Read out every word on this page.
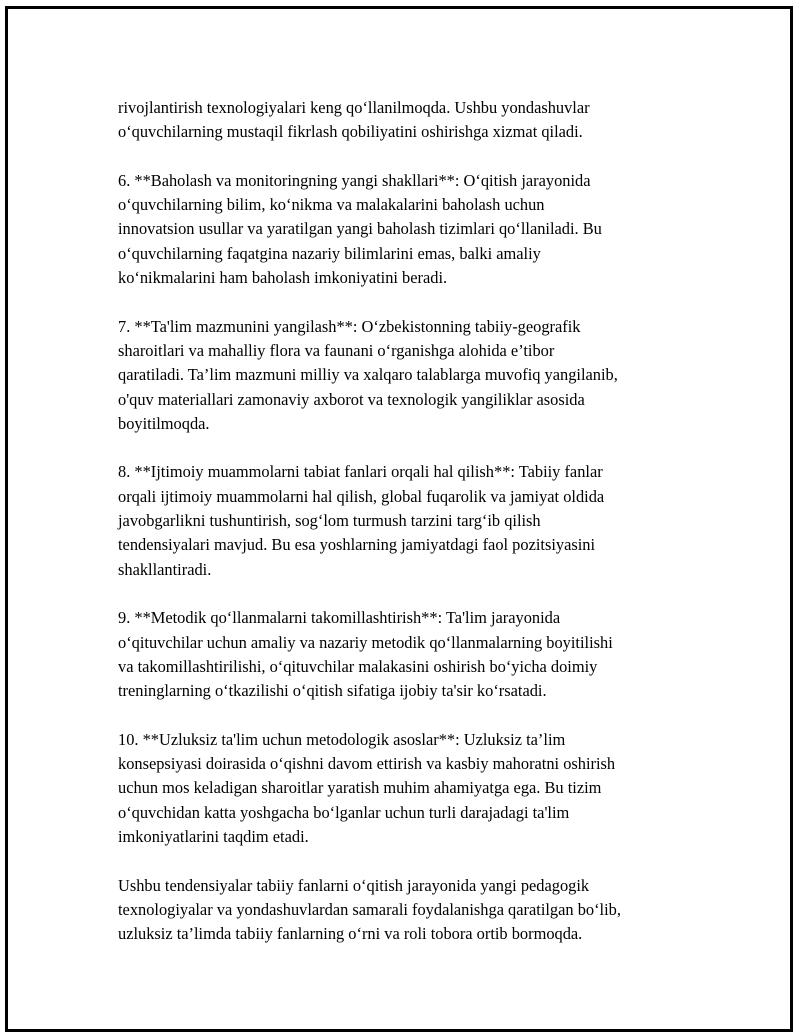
rivojlantirish texnologiyalari keng qoʻllanilmoqda. Ushbu yondashuvlar
oʻquvchilarning mustaqil fikrlash qobiliyatini oshirishga xizmat qiladi.

6. **Baholash va monitoringning yangi shakllari**: Oʻqitish jarayonida
oʻquvchilarning bilim, koʻnikma va malakalarini baholash uchun
innovatsion usullar va yaratilgan yangi baholash tizimlari qoʻllaniladi. Bu
oʻquvchilarning faqatgina nazariy bilimlarini emas, balki amaliy
koʻnikmalarini ham baholash imkoniyatini beradi.

7. **Ta'lim mazmunini yangilash**: Oʻzbekistonning tabiiy-geografik
sharoitlari va mahalliy flora va faunani oʻrganishga alohida e’tibor
qaratiladi. Ta’lim mazmuni milliy va xalqaro talablarga muvofiq yangilanib,
o'quv materiallari zamonaviy axborot va texnologik yangiliklar asosida
boyitilmoqda.

8. **Ijtimoiy muammolarni tabiat fanlari orqali hal qilish**: Tabiiy fanlar
orqali ijtimoiy muammolarni hal qilish, global fuqarolik va jamiyat oldida
javobgarlikni tushuntirish, sogʻlom turmush tarzini targʻib qilish
tendensiyalari mavjud. Bu esa yoshlarning jamiyatdagi faol pozitsiyasini
shakllantiradi.

9. **Metodik qoʻllanmalarni takomillashtirish**: Ta'lim jarayonida
oʻqituvchilar uchun amaliy va nazariy metodik qoʻllanmalarning boyitilishi
va takomillashtirilishi, oʻqituvchilar malakasini oshirish boʻyicha doimiy
treninglarning oʻtkazilishi oʻqitish sifatiga ijobiy ta'sir koʻrsatadi.

10. **Uzluksiz ta'lim uchun metodologik asoslar**: Uzluksiz ta’lim
konsepsiyasi doirasida oʻqishni davom ettirish va kasbiy mahoratni oshirish
uchun mos keladigan sharoitlar yaratish muhim ahamiyatga ega. Bu tizim
oʻquvchidan katta yoshgacha boʻlganlar uchun turli darajadagi ta'lim
imkoniyatlarini taqdim etadi.

Ushbu tendensiyalar tabiiy fanlarni oʻqitish jarayonida yangi pedagogik
texnologiyalar va yondashuvlardan samarali foydalanishga qaratilgan boʻlib,
uzluksiz ta’limda tabiiy fanlarning oʻrni va roli tobora ortib bormoqda.
